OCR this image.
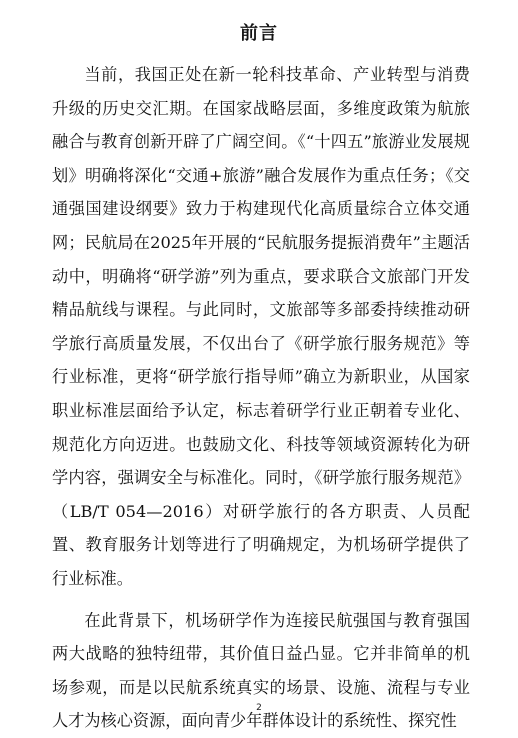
前言

当前，我国正处在新一轮科技革命、产业转型与消费升级的历史交汇期。在国家战略层面，多维度政策为航旅融合与教育创新开辟了广阔空间。《“十四五”旅游业发展规划》明确将深化“交通+旅游”融合发展作为重点任务；《交通强国建设纲要》致力于构建现代化高质量综合立体交通网；民航局在2025年开展的“民航服务提振消费年”主题活动中，明确将“研学游”列为重点，要求联合文旅部门开发精品航线与课程。与此同时，文旅部等多部委持续推动研学旅行高质量发展，不仅出台了《研学旅行服务规范》等行业标准，更将“研学旅行指导师”确立为新职业，从国家职业标准层面给予认定，标志着研学行业正朝着专业化、规范化方向迈进。也鼓励文化、科技等领域资源转化为研学内容，强调安全与标准化。同时，《研学旅行服务规范》（LB/T 054—2016）对研学旅行的各方职责、人员配置、教育服务计划等进行了明确规定，为机场研学提供了行业标准。

在此背景下，机场研学作为连接民航强国与教育强国两大战略的独特纽带，其价值日益凸显。它并非简单的机场参观，而是以民航系统真实的场景、设施、流程与专业人才为核心资源，面向青少年群体设计的系统性、探究性

2
